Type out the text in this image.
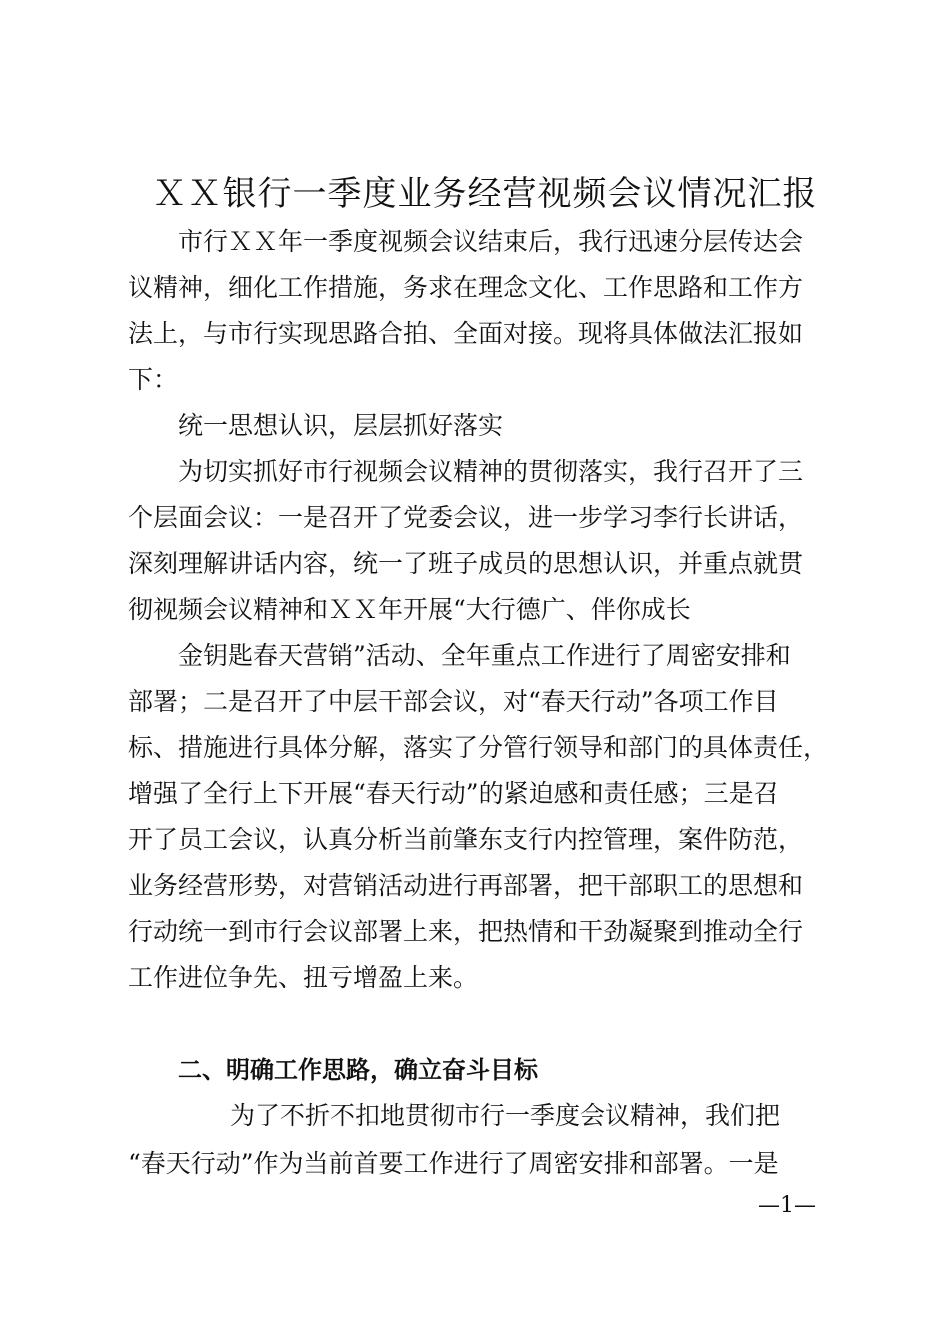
ＸＸ银行一季度业务经营视频会议情况汇报
市行ＸＸ年一季度视频会议结束后，我行迅速分层传达会
议精神，细化工作措施，务求在理念文化、工作思路和工作方
法上，与市行实现思路合拍、全面对接。现将具体做法汇报如
下：
统一思想认识，层层抓好落实
为切实抓好市行视频会议精神的贯彻落实，我行召开了三
个层面会议：一是召开了党委会议，进一步学习李行长讲话，
深刻理解讲话内容，统一了班子成员的思想认识，并重点就贯
彻视频会议精神和ＸＸ年开展“大行德广、伴你成长
金钥匙春天营销”活动、全年重点工作进行了周密安排和
部署；二是召开了中层干部会议，对“春天行动”各项工作目
标、措施进行具体分解，落实了分管行领导和部门的具体责任，
增强了全行上下开展“春天行动”的紧迫感和责任感；三是召
开了员工会议，认真分析当前肇东支行内控管理，案件防范，
业务经营形势，对营销活动进行再部署，把干部职工的思想和
行动统一到市行会议部署上来，把热情和干劲凝聚到推动全行
工作进位争先、扭亏增盈上来。
二、明确工作思路，确立奋斗目标
为了不折不扣地贯彻市行一季度会议精神，我们把
“春天行动”作为当前首要工作进行了周密安排和部署。一是
—1—
